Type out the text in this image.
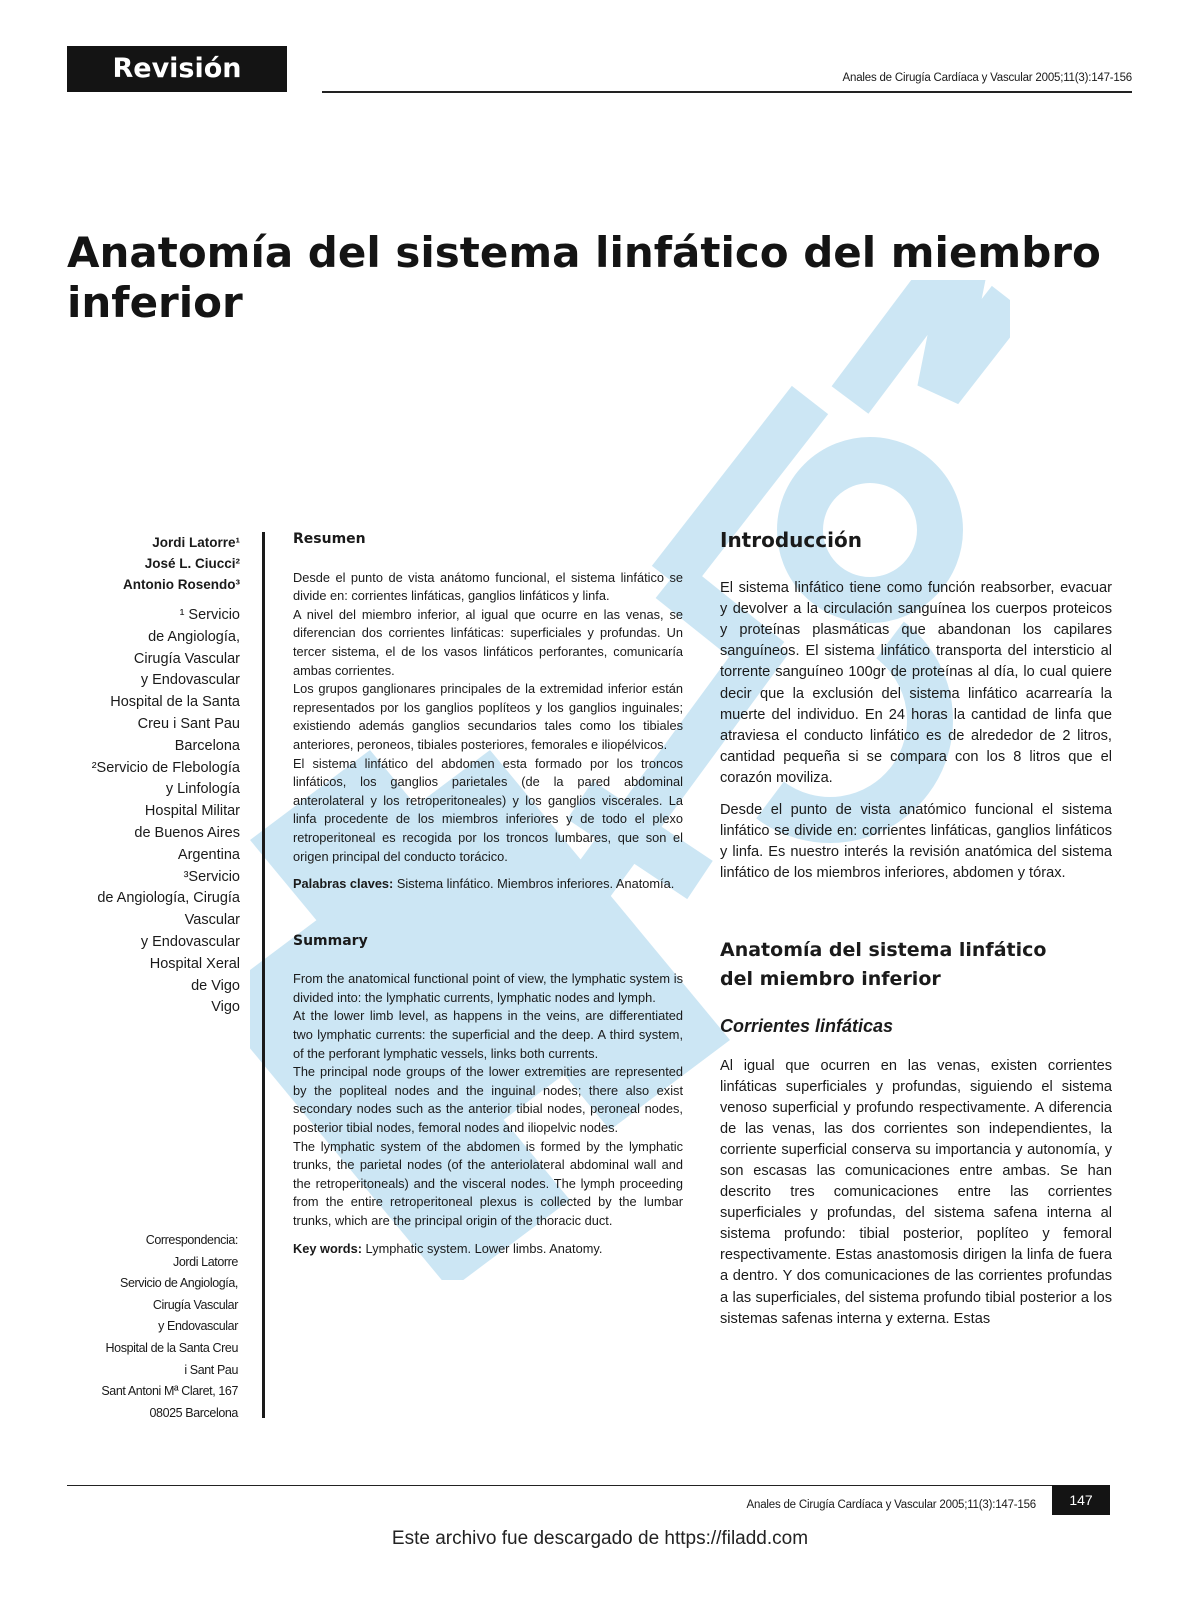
Revisión	Anales de Cirugía Cardíaca y Vascular 2005;11(3):147-156
Anatomía del sistema linfático del miembro inferior
Jordi Latorre¹
José L. Ciucci²
Antonio Rosendo³
¹ Servicio
de Angiología,
Cirugía Vascular
y Endovascular
Hospital de la Santa
Creu i Sant Pau
Barcelona
²Servicio de Flebología
y Linfología
Hospital Militar
de Buenos Aires
Argentina
³Servicio
de Angiología, Cirugía
Vascular
y Endovascular
Hospital Xeral
de Vigo
Vigo
Correspondencia:
Jordi Latorre
Servicio de Angiología,
Cirugía Vascular
y Endovascular
Hospital de la Santa Creu
i Sant Pau
Sant Antoni Mª Claret, 167
08025 Barcelona
Resumen

Desde el punto de vista anátomo funcional, el sistema linfático se divide en: corrientes linfáticas, ganglios linfáticos y linfa.

A nivel del miembro inferior, al igual que ocurre en las venas, se diferencian dos corrientes linfáticas: superficiales y profundas. Un tercer sistema, el de los vasos linfáticos perforantes, comunicaría ambas corrientes.

Los grupos ganglionares principales de la extremidad inferior están representados por los ganglios poplíteos y los ganglios inguinales; existiendo además ganglios secundarios tales como los tibiales anteriores, peroneos, tibiales posteriores, femorales e iliopélvicos.

El sistema linfático del abdomen esta formado por los troncos linfáticos, los ganglios parietales (de la pared abdominal anterolateral y los retroperitoneales) y los ganglios viscerales. La linfa procedente de los miembros inferiores y de todo el plexo retroperitoneal es recogida por los troncos lumbares, que son el origen principal del conducto torácico.

Palabras claves: Sistema linfático. Miembros inferiores. Anatomía.

Summary

From the anatomical functional point of view, the lymphatic system is divided into: the lymphatic currents, lymphatic nodes and lymph.

At the lower limb level, as happens in the veins, are differentiated two lymphatic currents: the superficial and the deep. A third system, of the perforant lymphatic vessels, links both currents.

The principal node groups of the lower extremities are represented by the popliteal nodes and the inguinal nodes; there also exist secondary nodes such as the anterior tibial nodes, peroneal nodes, posterior tibial nodes, femoral nodes and iliopelvic nodes.

The lymphatic system of the abdomen is formed by the lymphatic trunks, the parietal nodes (of the anteriolateral abdominal wall and the retroperitoneals) and the visceral nodes. The lymph proceeding from the entire retroperitoneal plexus is collected by the lumbar trunks, which are the principal origin of the thoracic duct.

Key words: Lymphatic system. Lower limbs. Anatomy.

Introducción

El sistema linfático tiene como función reabsorber, evacuar y devolver a la circulación sanguínea los cuerpos proteicos y proteínas plasmáticas que abandonan los capilares sanguíneos. El sistema linfático transporta del intersticio al torrente sanguíneo 100gr de proteínas al día, lo cual quiere decir que la exclusión del sistema linfático acarrearía la muerte del individuo. En 24 horas la cantidad de linfa que atraviesa el conducto linfático es de alrededor de 2 litros, cantidad pequeña si se compara con los 8 litros que el corazón moviliza.

Desde el punto de vista anatómico funcional el sistema linfático se divide en: corrientes linfáticas, ganglios linfáticos y linfa. Es nuestro interés la revisión anatómica del sistema linfático de los miembros inferiores, abdomen y tórax.

Anatomía del sistema linfático
del miembro inferior
Corrientes linfáticas

Al igual que ocurren en las venas, existen corrientes linfáticas superficiales y profundas, siguiendo el sistema venoso superficial y profundo respectivamente. A diferencia de las venas, las dos corrientes son independientes, la corriente superficial conserva su importancia y autonomía, y son escasas las comunicaciones entre ambas. Se han descrito tres comunicaciones entre las corrientes superficiales y profundas, del sistema safena interna al sistema profundo: tibial posterior, poplíteo y femoral respectivamente. Estas anastomosis dirigen la linfa de fuera a dentro. Y dos comunicaciones de las corrientes profundas a las superficiales, del sistema profundo tibial posterior a los sistemas safenas interna y externa. Estas

Anales de Cirugía Cardíaca y Vascular 2005;11(3):147-156	147
Este archivo fue descargado de https://filadd.com
